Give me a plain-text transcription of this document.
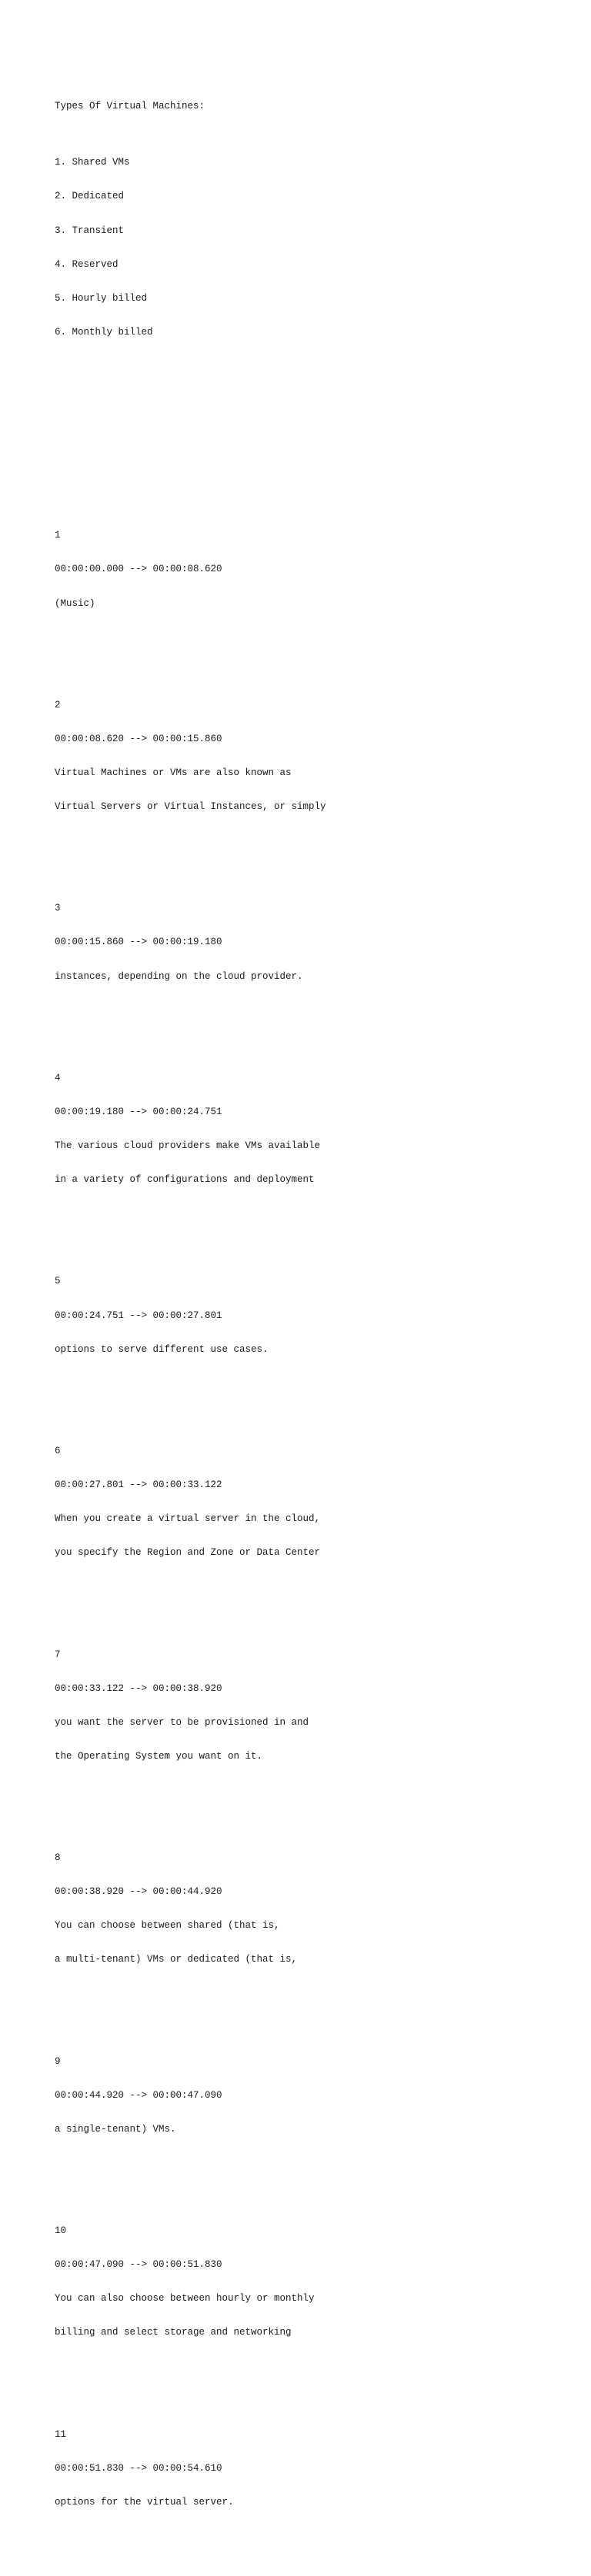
Types Of Virtual Machines:

1. Shared VMs

2. Dedicated

3. Transient

4. Reserved

5. Hourly billed

6. Monthly billed

1

00:00:00.000 --> 00:00:08.620

(Music)

2

00:00:08.620 --> 00:00:15.860

Virtual Machines or VMs are also known as

Virtual Servers or Virtual Instances, or simply

3

00:00:15.860 --> 00:00:19.180

instances, depending on the cloud provider.

4

00:00:19.180 --> 00:00:24.751

The various cloud providers make VMs available

in a variety of configurations and deployment

5

00:00:24.751 --> 00:00:27.801

options to serve different use cases.

6

00:00:27.801 --> 00:00:33.122

When you create a virtual server in the cloud,

you specify the Region and Zone or Data Center

7

00:00:33.122 --> 00:00:38.920

you want the server to be provisioned in and

the Operating System you want on it.

8

00:00:38.920 --> 00:00:44.920

You can choose between shared (that is,

a multi-tenant) VMs or dedicated (that is,

9

00:00:44.920 --> 00:00:47.090

a single-tenant) VMs.

10

00:00:47.090 --> 00:00:51.830

You can also choose between hourly or monthly

billing and select storage and networking

11

00:00:51.830 --> 00:00:54.610

options for the virtual server.
